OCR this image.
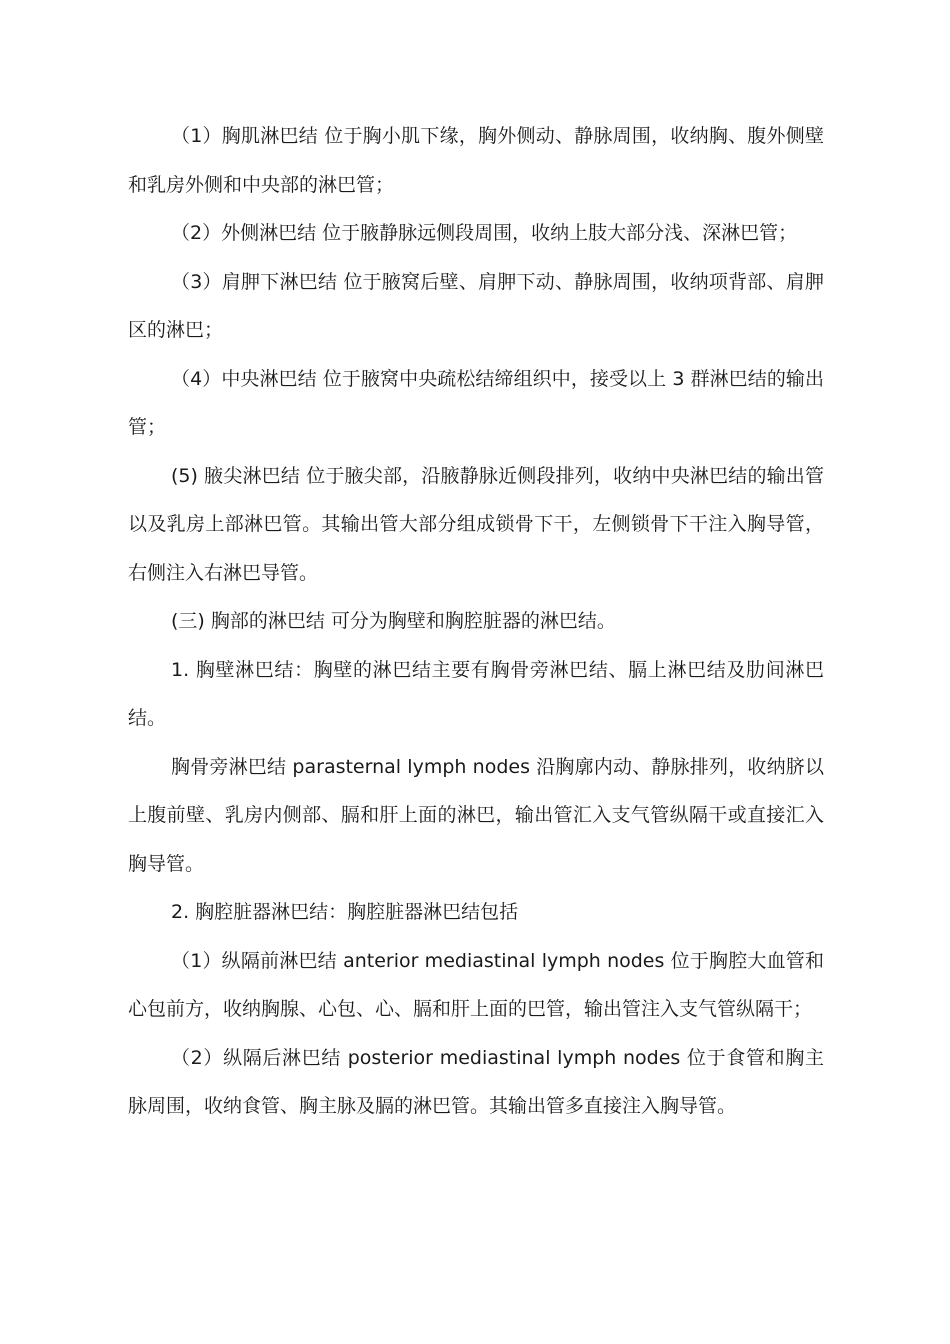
（1）胸肌淋巴结 位于胸小肌下缘，胸外侧动、静脉周围，收纳胸、腹外侧壁和乳房外侧和中央部的淋巴管；

（2）外侧淋巴结 位于腋静脉远侧段周围，收纳上肢大部分浅、深淋巴管；

（3）肩胛下淋巴结 位于腋窝后壁、肩胛下动、静脉周围，收纳项背部、肩胛区的淋巴；

（4）中央淋巴结 位于腋窝中央疏松结缔组织中，接受以上 3 群淋巴结的输出管；

(5) 腋尖淋巴结 位于腋尖部，沿腋静脉近侧段排列，收纳中央淋巴结的输出管以及乳房上部淋巴管。其输出管大部分组成锁骨下干，左侧锁骨下干注入胸导管，右侧注入右淋巴导管。

(三) 胸部的淋巴结 可分为胸壁和胸腔脏器的淋巴结。

1. 胸壁淋巴结：胸壁的淋巴结主要有胸骨旁淋巴结、膈上淋巴结及肋间淋巴结。

胸骨旁淋巴结 parasternal lymph nodes 沿胸廓内动、静脉排列，收纳脐以上腹前壁、乳房内侧部、膈和肝上面的淋巴，输出管汇入支气管纵隔干或直接汇入胸导管。

2. 胸腔脏器淋巴结：胸腔脏器淋巴结包括

（1）纵隔前淋巴结 anterior mediastinal lymph nodes 位于胸腔大血管和心包前方，收纳胸腺、心包、心、膈和肝上面的巴管，输出管注入支气管纵隔干；

（2）纵隔后淋巴结 posterior mediastinal lymph nodes 位于食管和胸主脉周围，收纳食管、胸主脉及膈的淋巴管。其输出管多直接注入胸导管。
